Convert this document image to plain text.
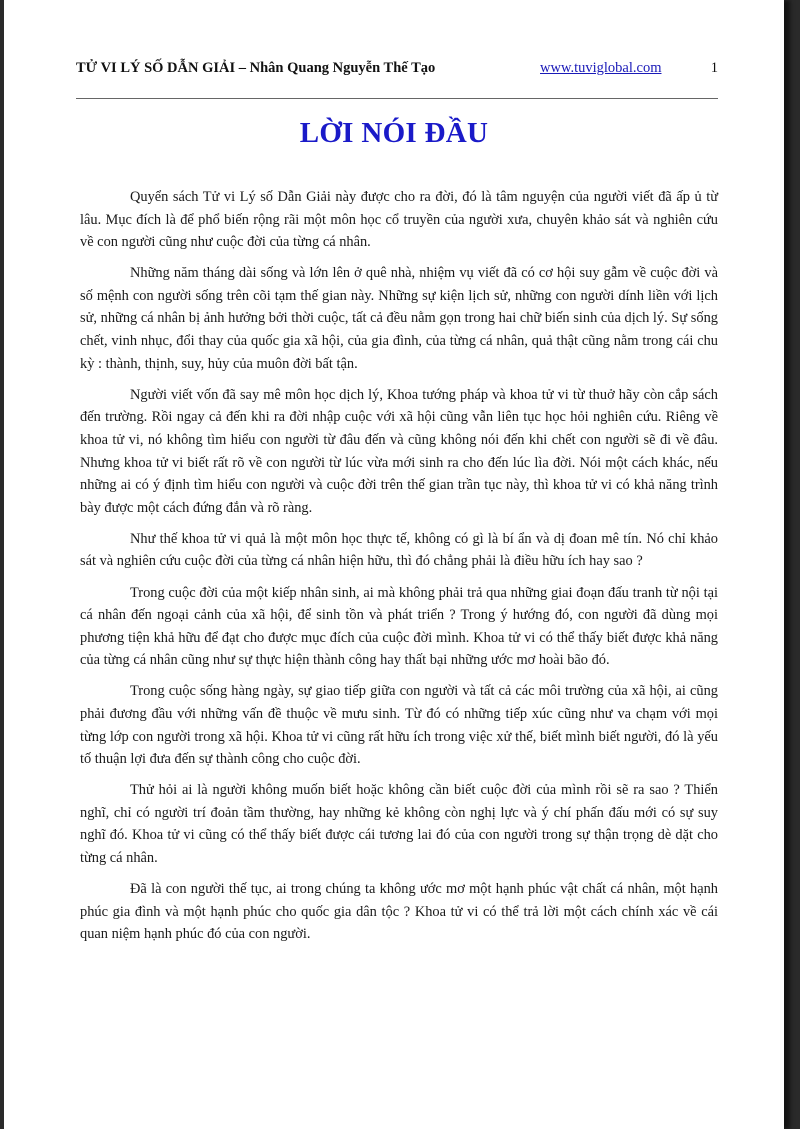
TỬ VI LÝ SỐ DẪN GIẢI – Nhân Quang Nguyễn Thế Tạo	www.tuviglobal.com	1
LỜI NÓI ĐẦU

Quyển sách Tử vi Lý số Dẫn Giải này được cho ra đời, đó là tâm nguyện của người viết đã ấp ủ từ lâu. Mục đích là để phổ biến rộng rãi một môn học cổ truyền của người xưa, chuyên khảo sát và nghiên cứu về con người cũng như cuộc đời của từng cá nhân.

Những năm tháng dài sống và lớn lên ở quê nhà, nhiệm vụ viết đã có cơ hội suy gẫm về cuộc đời và số mệnh con người sống trên cõi tạm thế gian này. Những sự kiện lịch sử, những con người dính liền với lịch sử, những cá nhân bị ảnh hưởng bởi thời cuộc, tất cả đều nằm gọn trong hai chữ biến sinh của dịch lý. Sự sống chết, vinh nhục, đổi thay của quốc gia xã hội, của gia đình, của từng cá nhân, quả thật cũng nằm trong cái chu kỳ : thành, thịnh, suy, hủy của muôn đời bất tận.

Người viết vốn đã say mê môn học dịch lý, Khoa tướng pháp và khoa tử vi từ thuở hãy còn cắp sách đến trường. Rồi ngay cả đến khi ra đời nhập cuộc với xã hội cũng vẫn liên tục học hỏi nghiên cứu. Riêng về khoa tử vi, nó không tìm hiểu con người từ đâu đến và cũng không nói đến khi chết con người sẽ đi về đâu. Nhưng khoa tử vi biết rất rõ về con người từ lúc vừa mới sinh ra cho đến lúc lìa đời. Nói một cách khác, nếu những ai có ý định tìm hiểu con người và cuộc đời trên thế gian trần tục này, thì khoa tử vi có khả năng trình bày được một cách đứng đắn và rõ ràng.

Như thế khoa tử vi quả là một môn học thực tế, không có gì là bí ẩn và dị đoan mê tín. Nó chỉ khảo sát và nghiên cứu cuộc đời của từng cá nhân hiện hữu, thì đó chẳng phải là điều hữu ích hay sao ?

Trong cuộc đời của một kiếp nhân sinh, ai mà không phải trả qua những giai đoạn đấu tranh từ nội tại cá nhân đến ngoại cảnh của xã hội, để sinh tồn và phát triển ? Trong ý hướng đó, con người đã dùng mọi phương tiện khả hữu để đạt cho được mục đích của cuộc đời mình. Khoa tử vi có thể thấy biết được khả năng của từng cá nhân cũng như sự thực hiện thành công hay thất bại những ước mơ hoài bão đó.

Trong cuộc sống hàng ngày, sự giao tiếp giữa con người và tất cả các môi trường của xã hội, ai cũng phải đương đầu với những vấn đề thuộc về mưu sinh. Từ đó có những tiếp xúc cũng như va chạm với mọi từng lớp con người trong xã hội. Khoa tử vi cũng rất hữu ích trong việc xử thế, biết mình biết người, đó là yếu tố thuận lợi đưa đến sự thành công cho cuộc đời.

Thử hỏi ai là người không muốn biết hoặc không cần biết cuộc đời của mình rồi sẽ ra sao ? Thiển nghĩ, chỉ có người trí đoản tầm thường, hay những kẻ không còn nghị lực và ý chí phấn đấu mới có sự suy nghĩ đó. Khoa tử vi cũng có thể thấy biết được cái tương lai đó của con người trong sự thận trọng dè dặt cho từng cá nhân.

Đã là con người thế tục, ai trong chúng ta không ước mơ một hạnh phúc vật chất cá nhân, một hạnh phúc gia đình và một hạnh phúc cho quốc gia dân tộc ? Khoa tử vi có thể trả lời một cách chính xác về cái quan niệm hạnh phúc đó của con người.
